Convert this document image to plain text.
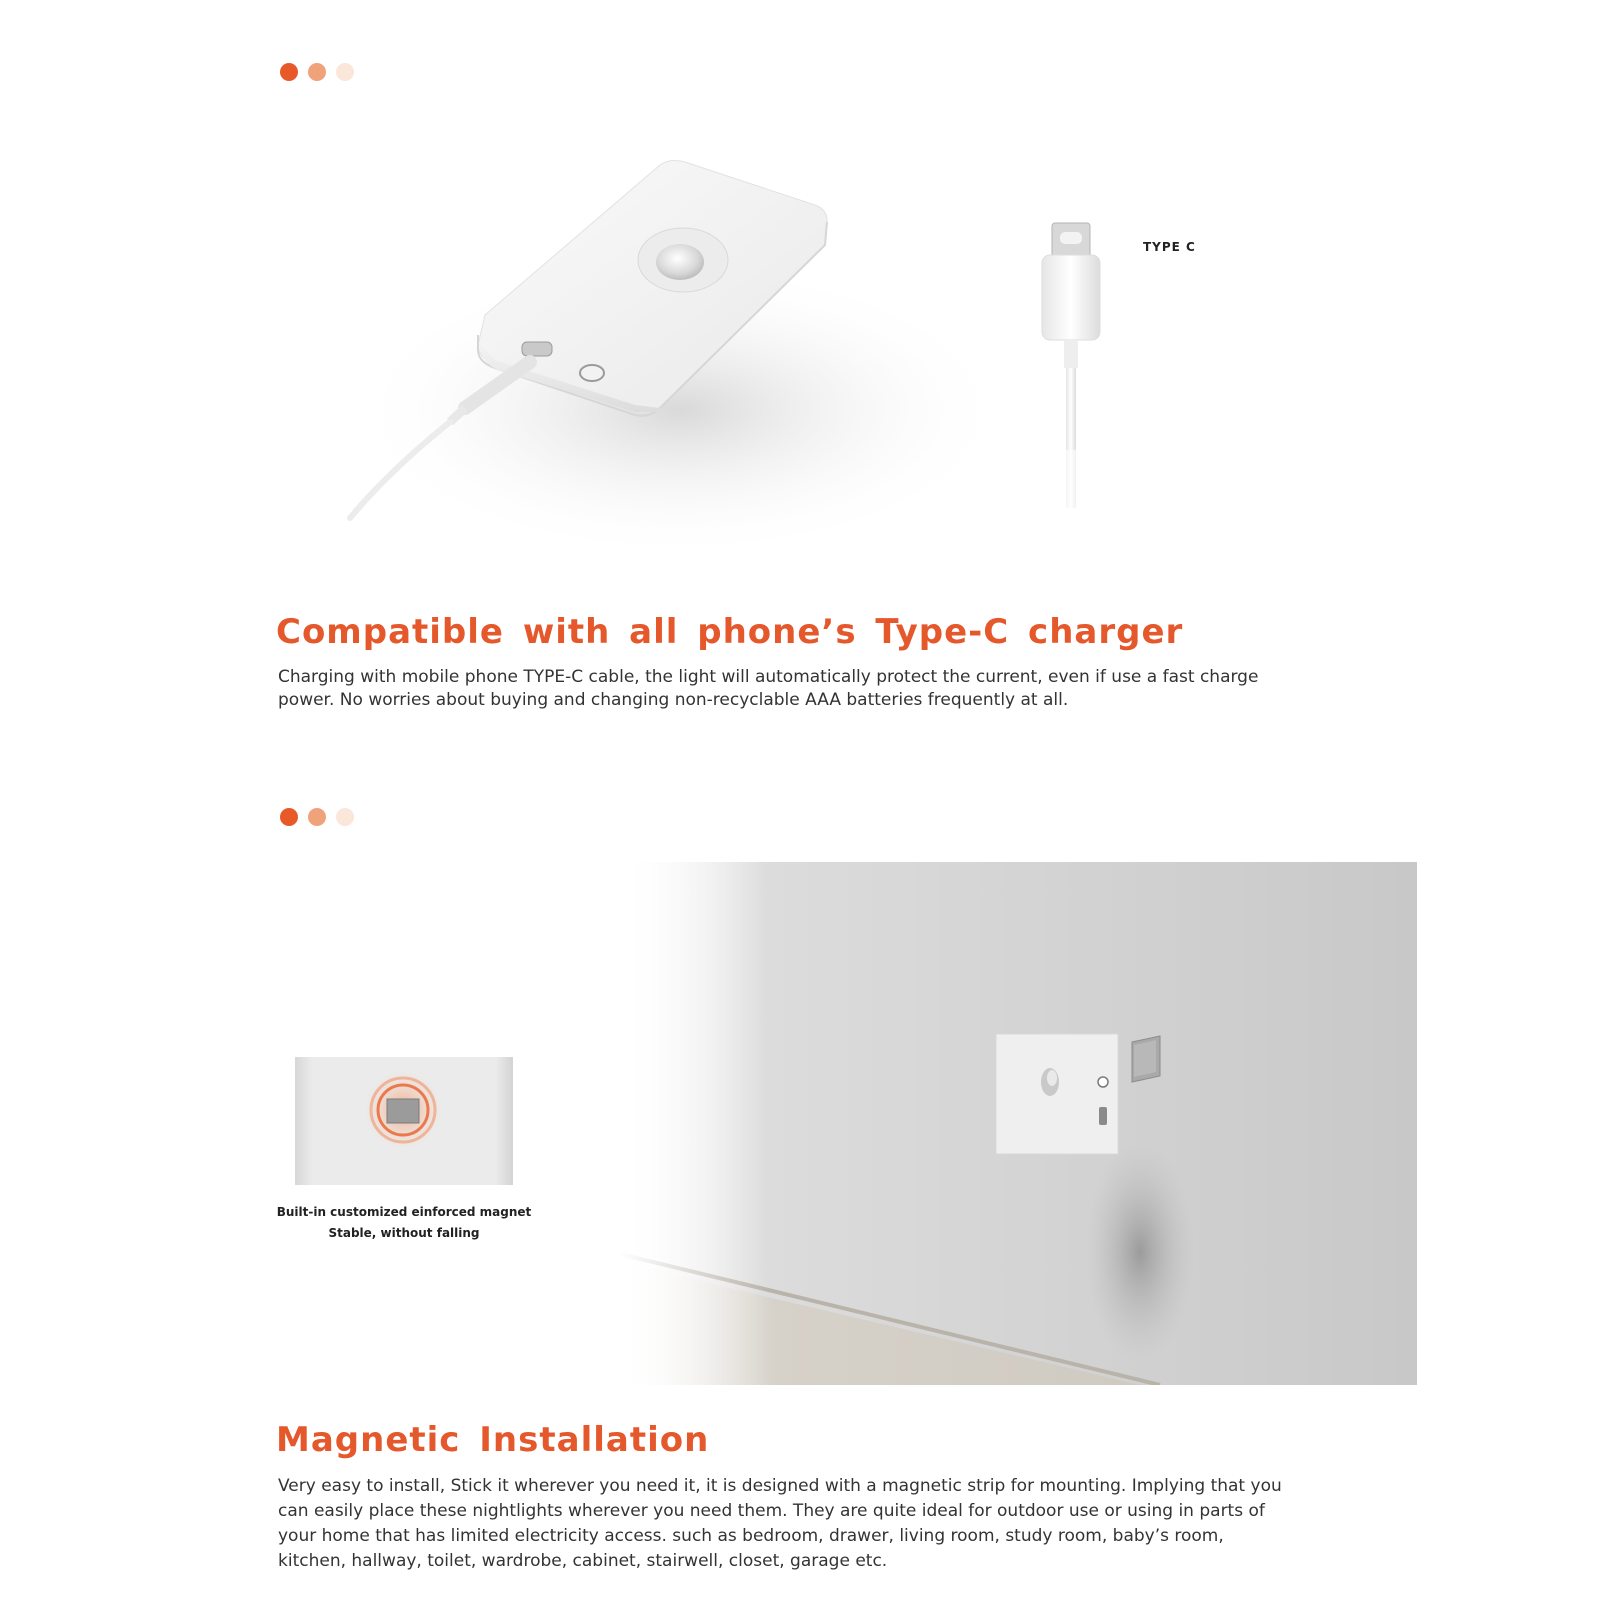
TYPE C
Compatible with all phone’s Type-C charger
Charging with mobile phone TYPE-C cable, the light will automatically protect the current, even if use a fast charge power. No worries about buying and changing non-recyclable AAA batteries frequently at all.
Built-in customized einforced magnet
Stable, without falling
Magnetic Installation
Very easy to install, Stick it wherever you need it, it is designed with a magnetic strip for mounting. Implying that you can easily place these nightlights wherever you need them. They are quite ideal for outdoor use or using in parts of your home that has limited electricity access. such as bedroom, drawer, living room, study room, baby’s room, kitchen, hallway, toilet, wardrobe, cabinet, stairwell, closet, garage etc.
